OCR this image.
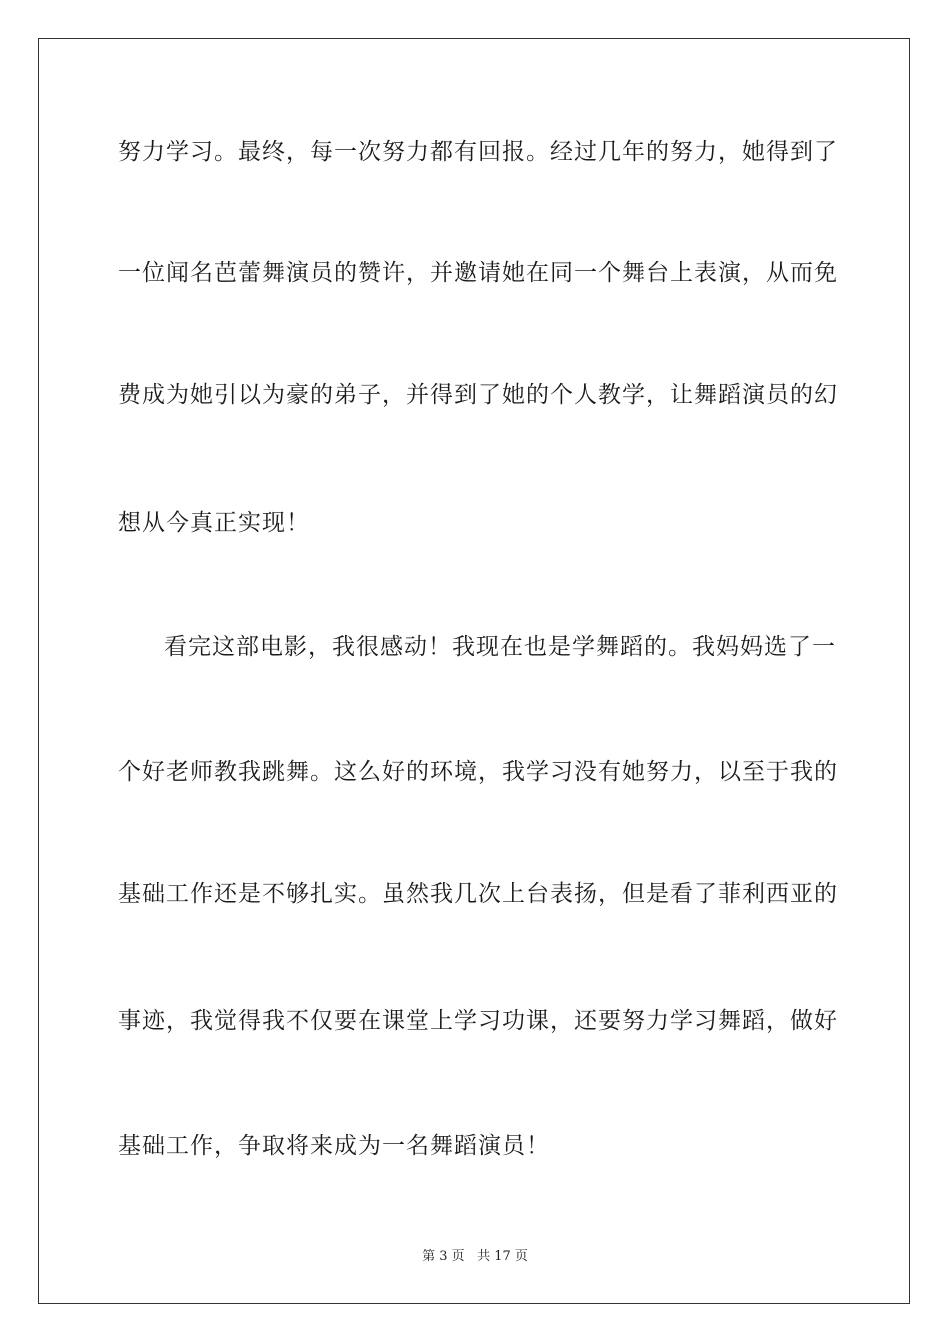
努力学习。最终，每一次努力都有回报。经过几年的努力，她得到了

一位闻名芭蕾舞演员的赞许，并邀请她在同一个舞台上表演，从而免

费成为她引以为豪的弟子，并得到了她的个人教学，让舞蹈演员的幻

想从今真正实现！

看完这部电影，我很感动！我现在也是学舞蹈的。我妈妈选了一

个好老师教我跳舞。这么好的环境，我学习没有她努力，以至于我的

基础工作还是不够扎实。虽然我几次上台表扬，但是看了菲利西亚的

事迹，我觉得我不仅要在课堂上学习功课，还要努力学习舞蹈，做好

基础工作，争取将来成为一名舞蹈演员！

第 3 页 共 17 页
